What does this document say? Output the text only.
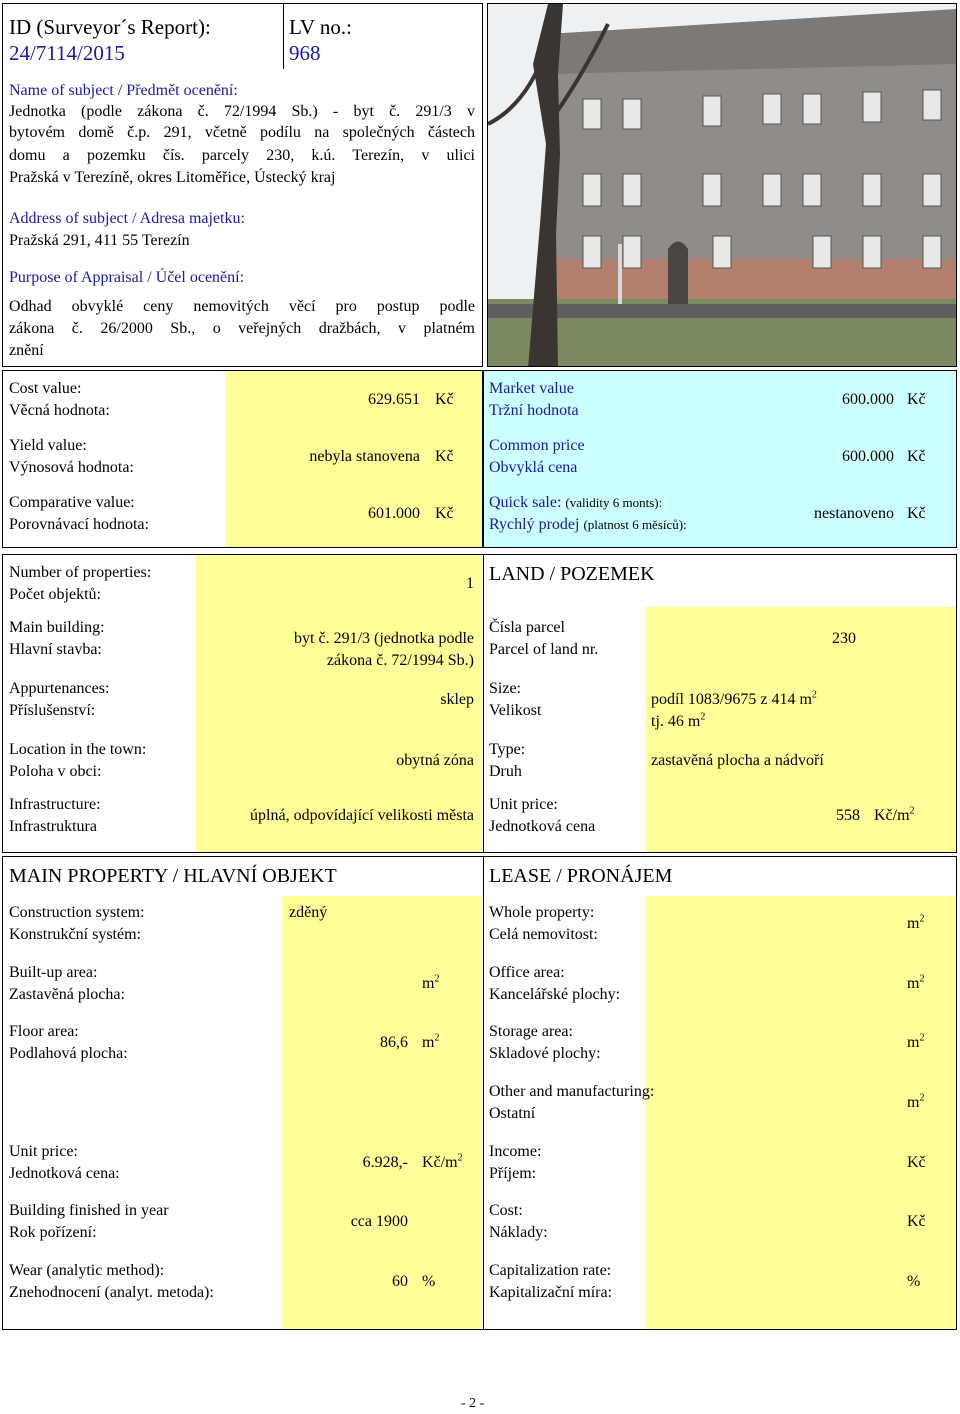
ID (Surveyor´s Report):
24/7114/2015
LV no.:
968
Name of subject / Předmět ocenění:
Jednotka (podle zákona č. 72/1994 Sb.) - byt č. 291/3 v
bytovém domě č.p. 291, včetně podílu na společných částech
domu a pozemku čís. parcely 230, k.ú. Terezín, v ulici
Pražská v Terezíně, okres Litoměřice, Ústecký kraj
Address of subject / Adresa majetku:
Pražská 291, 411 55 Terezín
Purpose of Appraisal / Účel ocenění:
Odhad obvyklé ceny nemovitých věcí pro postup podle
zákona č. 26/2000 Sb., o veřejných dražbách, v platném
znění
Cost value:
Věcná hodnota:
629.651 Kč
Yield value:
Výnosová hodnota:
nebyla stanovena Kč
Comparative value:
Porovnávací hodnota:
601.000 Kč
Market value
Tržní hodnota
600.000 Kč
Common price
Obvyklá cena
600.000 Kč
Quick sale: (validity 6 monts):
Rychlý prodej (platnost 6 měsíců):
nestanoveno Kč
Number of properties:
Počet objektů:
1
Main building:
Hlavní stavba:
byt č. 291/3 (jednotka podle
zákona č. 72/1994 Sb.)
Appurtenances:
Příslušenství:
sklep
Location in the town:
Poloha v obci:
obytná zóna
Infrastructure:
Infrastruktura
úplná, odpovídající velikosti města
LAND / POZEMEK
Čísla parcel
Parcel of land nr.
230
Size:
Velikost
podíl 1083/9675 z 414 $m^2$
tj. 46 $m^2$
Type:
Druh
zastavěná plocha a nádvoří
Unit price:
Jednotková cena
558 $Kč/m^2$
MAIN PROPERTY / HLAVNÍ OBJEKT	LEASE / PRONÁJEM
Construction system:
Konstrukční systém:
zděný
Built-up area:
Zastavěná plocha:
$m^2$
Floor area:
Podlahová plocha:
86,6 $m^2$
Unit price:
Jednotková cena:
6.928,- $Kč/m^2$
Building finished in year
Rok pořízení:
cca 1900
Wear (analytic method):
Znehodnocení (analyt. metoda):
60 %
Whole property:
Celá nemovitost:
$m^2$
Office area:
Kancelářské plochy:
$m^2$
Storage area:
Skladové plochy:
$m^2$
Other and manufacturing:
Ostatní
$m^2$
Income:
Příjem:
Kč
Cost:
Náklady:
Kč
Capitalization rate:
Kapitalizační míra:
%
- 2 -
